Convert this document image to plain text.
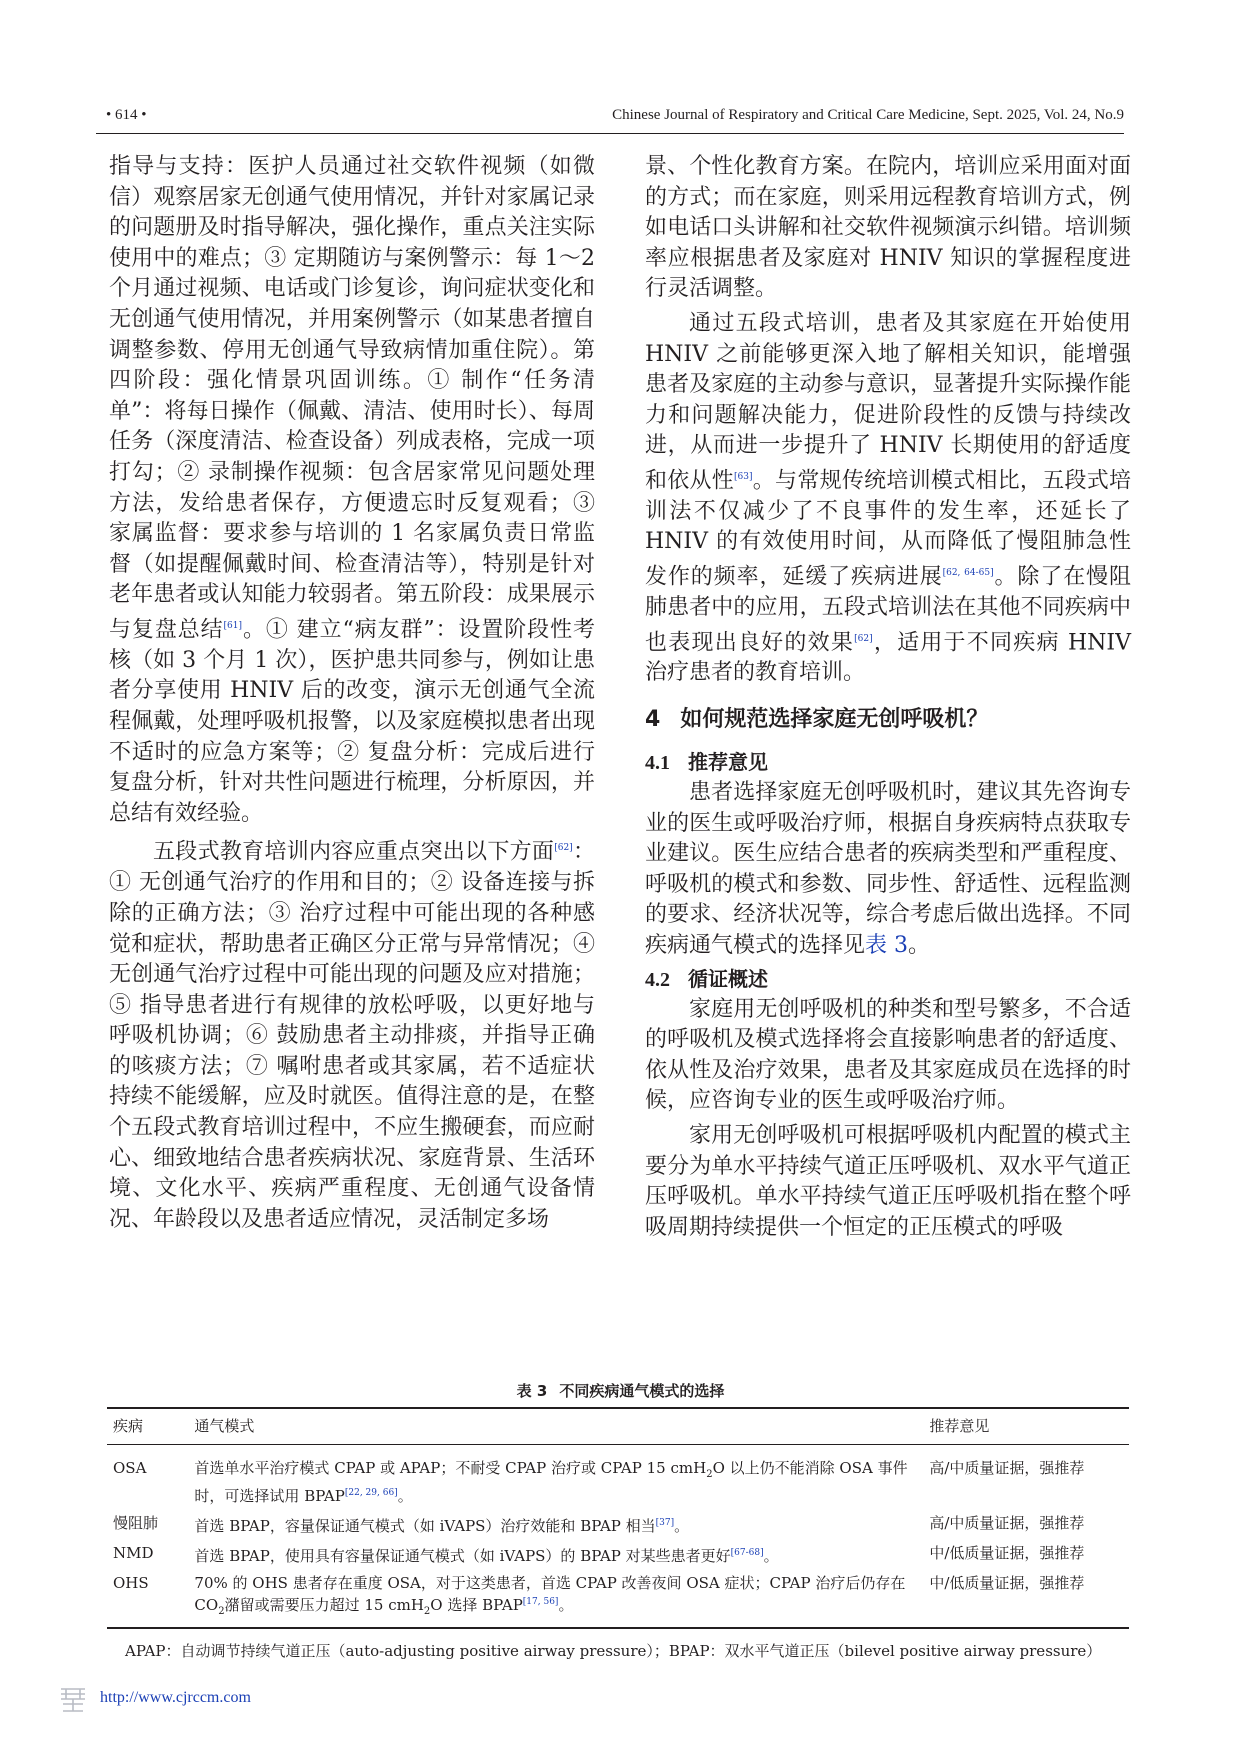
• 614 •	Chinese Journal of Respiratory and Critical Care Medicine, Sept. 2025, Vol. 24, No.9

指导与支持：医护人员通过社交软件视频（如微信）观察居家无创通气使用情况，并针对家属记录的问题册及时指导解决，强化操作，重点关注实际使用中的难点；③ 定期随访与案例警示：每 1～2 个月通过视频、电话或门诊复诊，询问症状变化和无创通气使用情况，并用案例警示（如某患者擅自调整参数、停用无创通气导致病情加重住院）。第四阶段：强化情景巩固训练。① 制作“任务清单”：将每日操作（佩戴、清洁、使用时长）、每周任务（深度清洁、检查设备）列成表格，完成一项打勾；② 录制操作视频：包含居家常见问题处理方法，发给患者保存，方便遗忘时反复观看；③ 家属监督：要求参与培训的 1 名家属负责日常监督（如提醒佩戴时间、检查清洁等），特别是针对老年患者或认知能力较弱者。第五阶段：成果展示与复盘总结[61]。① 建立“病友群”：设置阶段性考核（如 3 个月 1 次），医护患共同参与，例如让患者分享使用 HNIV 后的改变，演示无创通气全流程佩戴，处理呼吸机报警，以及家庭模拟患者出现不适时的应急方案等；② 复盘分析：完成后进行复盘分析，针对共性问题进行梳理，分析原因，并总结有效经验。

五段式教育培训内容应重点突出以下方面[62]：① 无创通气治疗的作用和目的；② 设备连接与拆除的正确方法；③ 治疗过程中可能出现的各种感觉和症状，帮助患者正确区分正常与异常情况；④ 无创通气治疗过程中可能出现的问题及应对措施；⑤ 指导患者进行有规律的放松呼吸，以更好地与呼吸机协调；⑥ 鼓励患者主动排痰，并指导正确的咳痰方法；⑦ 嘱咐患者或其家属，若不适症状持续不能缓解，应及时就医。值得注意的是，在整个五段式教育培训过程中，不应生搬硬套，而应耐心、细致地结合患者疾病状况、家庭背景、生活环境、文化水平、疾病严重程度、无创通气设备情况、年龄段以及患者适应情况，灵活制定多场

景、个性化教育方案。在院内，培训应采用面对面的方式；而在家庭，则采用远程教育培训方式，例如电话口头讲解和社交软件视频演示纠错。培训频率应根据患者及家庭对 HNIV 知识的掌握程度进行灵活调整。

通过五段式培训，患者及其家庭在开始使用 HNIV 之前能够更深入地了解相关知识，能增强患者及家庭的主动参与意识，显著提升实际操作能力和问题解决能力，促进阶段性的反馈与持续改进，从而进一步提升了 HNIV 长期使用的舒适度和依从性[63]。与常规传统培训模式相比，五段式培训法不仅减少了不良事件的发生率，还延长了 HNIV 的有效使用时间，从而降低了慢阻肺急性发作的频率，延缓了疾病进展[62, 64-65]。除了在慢阻肺患者中的应用，五段式培训法在其他不同疾病中也表现出良好的效果[62]，适用于不同疾病 HNIV 治疗患者的教育培训。

4 如何规范选择家庭无创呼吸机？
4.1 推荐意见

患者选择家庭无创呼吸机时，建议其先咨询专业的医生或呼吸治疗师，根据自身疾病特点获取专业建议。医生应结合患者的疾病类型和严重程度、呼吸机的模式和参数、同步性、舒适性、远程监测的要求、经济状况等，综合考虑后做出选择。不同疾病通气模式的选择见表 3。

4.2 循证概述

家庭用无创呼吸机的种类和型号繁多，不合适的呼吸机及模式选择将会直接影响患者的舒适度、依从性及治疗效果，患者及其家庭成员在选择的时候，应咨询专业的医生或呼吸治疗师。

家用无创呼吸机可根据呼吸机内配置的模式主要分为单水平持续气道正压呼吸机、双水平气道正压呼吸机。单水平持续气道正压呼吸机指在整个呼吸周期持续提供一个恒定的正压模式的呼吸

表 3 不同疾病通气模式的选择
疾病	通气模式	推荐意见
OSA	首选单水平治疗模式 CPAP 或 APAP；不耐受 CPAP 治疗或 CPAP 15 cmH$_2$O 以上仍不能消除 OSA 事件时，可选择试用 BPAP[22, 29, 66]。	高/中质量证据，强推荐
慢阻肺	首选 BPAP，容量保证通气模式（如 iVAPS）治疗效能和 BPAP 相当[37]。	高/中质量证据，强推荐
NMD	首选 BPAP，使用具有容量保证通气模式（如 iVAPS）的 BPAP 对某些患者更好[67-68]。	中/低质量证据，强推荐
OHS	70% 的 OHS 患者存在重度 OSA，对于这类患者，首选 CPAP 改善夜间 OSA 症状；CPAP 治疗后仍存在 $CO_2$潴留或需要压力超过 15 cmH$_2$O 选择 BPAP[17, 56]。	中/低质量证据，强推荐
APAP：自动调节持续气道正压（auto-adjusting positive airway pressure）；BPAP：双水平气道正压（bilevel positive airway pressure）
http://www.cjrccm.com
